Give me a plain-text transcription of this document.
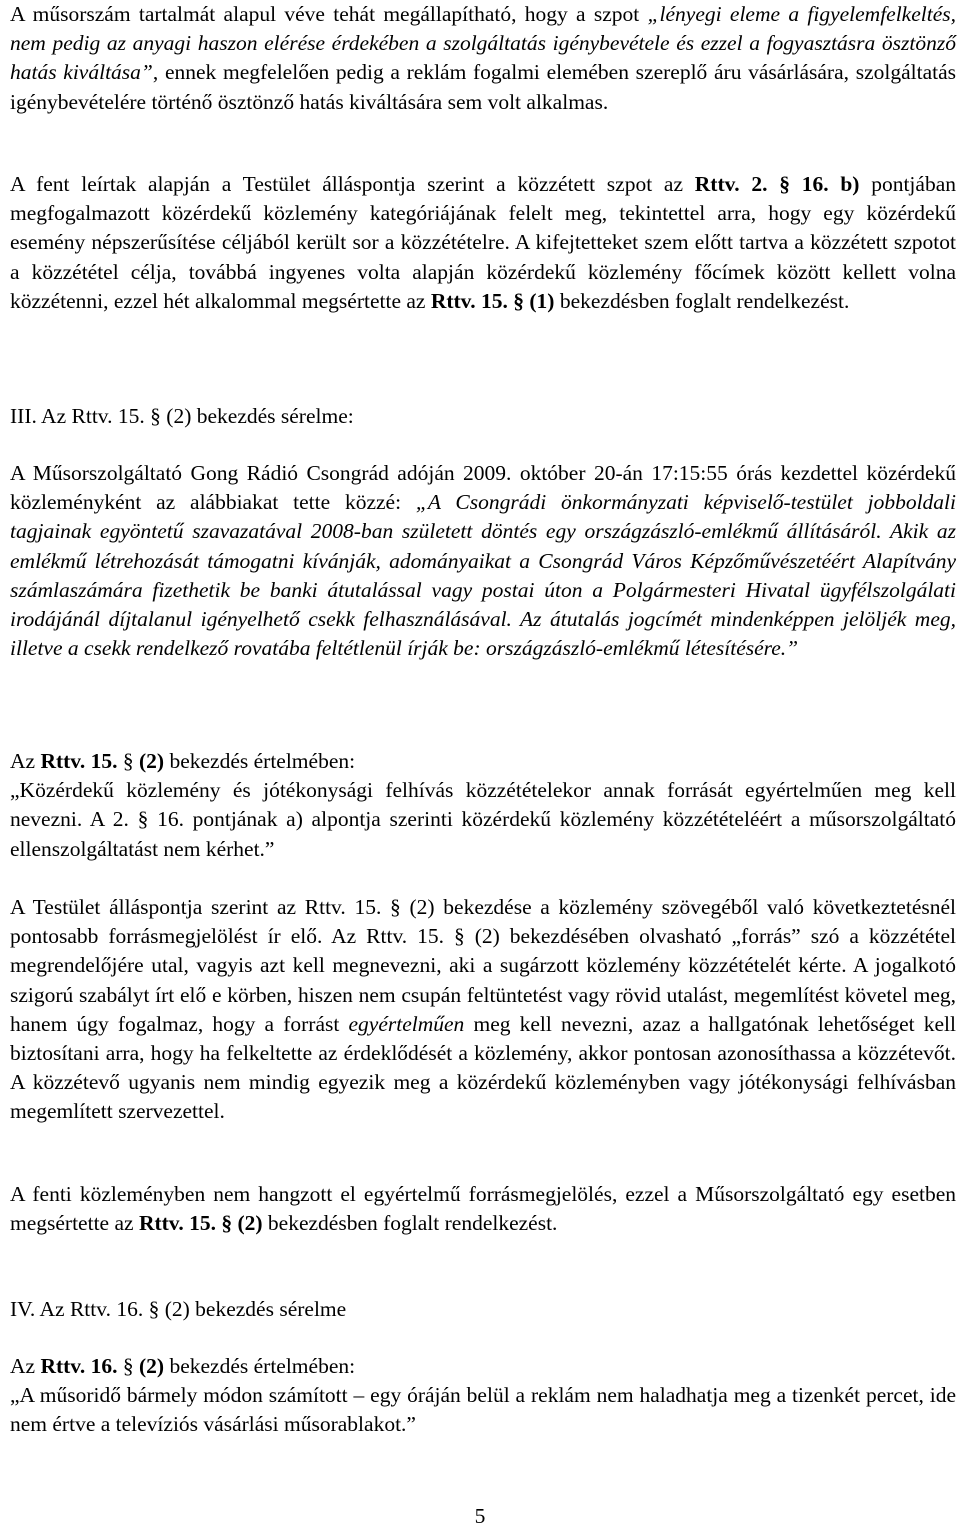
A műsorszám tartalmát alapul véve tehát megállapítható, hogy a szpot „lényegi eleme a figyelemfelkeltés, nem pedig az anyagi haszon elérése érdekében a szolgáltatás igénybevétele és ezzel a fogyasztásra ösztönző hatás kiváltása”, ennek megfelelően pedig a reklám fogalmi elemében szereplő áru vásárlására, szolgáltatás igénybevételére történő ösztönző hatás kiváltására sem volt alkalmas.

A fent leírtak alapján a Testület álláspontja szerint a közzétett szpot az Rttv. 2. § 16. b) pontjában megfogalmazott közérdekű közlemény kategóriájának felelt meg, tekintettel arra, hogy egy közérdekű esemény népszerűsítése céljából került sor a közzétételre. A kifejtetteket szem előtt tartva a közzétett szpotot a közzététel célja, továbbá ingyenes volta alapján közérdekű közlemény főcímek között kellett volna közzétenni, ezzel hét alkalommal megsértette az Rttv. 15. § (1) bekezdésben foglalt rendelkezést.

III. Az Rttv. 15. § (2) bekezdés sérelme:

A Műsorszolgáltató Gong Rádió Csongrád adóján 2009. október 20-án 17:15:55 órás kezdettel közérdekű közleményként az alábbiakat tette közzé: „A Csongrádi önkormányzati képviselő-testület jobboldali tagjainak egyöntetű szavazatával 2008-ban született döntés egy országzászló-emlékmű állításáról. Akik az emlékmű létrehozását támogatni kívánják, adományaikat a Csongrád Város Képzőművészetéért Alapítvány számlaszámára fizethetik be banki átutalással vagy postai úton a Polgármesteri Hivatal ügyfélszolgálati irodájánál díjtalanul igényelhető csekk felhasználásával. Az átutalás jogcímét mindenképpen jelöljék meg, illetve a csekk rendelkező rovatába feltétlenül írják be: országzászló-emlékmű létesítésére.”

Az Rttv. 15. § (2) bekezdés értelmében:

„Közérdekű közlemény és jótékonysági felhívás közzétételekor annak forrását egyértelműen meg kell nevezni. A 2. § 16. pontjának a) alpontja szerinti közérdekű közlemény közzétételéért a műsorszolgáltató ellenszolgáltatást nem kérhet.”

A Testület álláspontja szerint az Rttv. 15. § (2) bekezdése a közlemény szövegéből való következtetésnél pontosabb forrásmegjelölést ír elő. Az Rttv. 15. § (2) bekezdésében olvasható „forrás” szó a közzététel megrendelőjére utal, vagyis azt kell megnevezni, aki a sugárzott közlemény közzétételét kérte. A jogalkotó szigorú szabályt írt elő e körben, hiszen nem csupán feltüntetést vagy rövid utalást, megemlítést követel meg, hanem úgy fogalmaz, hogy a forrást egyértelműen meg kell nevezni, azaz a hallgatónak lehetőséget kell biztosítani arra, hogy ha felkeltette az érdeklődését a közlemény, akkor pontosan azonosíthassa a közzétevőt. A közzétevő ugyanis nem mindig egyezik meg a közérdekű közleményben vagy jótékonysági felhívásban megemlített szervezettel.

A fenti közleményben nem hangzott el egyértelmű forrásmegjelölés, ezzel a Műsorszolgáltató egy esetben megsértette az Rttv. 15. § (2) bekezdésben foglalt rendelkezést.

IV. Az Rttv. 16. § (2) bekezdés sérelme

Az Rttv. 16. § (2) bekezdés értelmében:

„A műsoridő bármely módon számított – egy óráján belül a reklám nem haladhatja meg a tizenkét percet, ide nem értve a televíziós vásárlási műsorablakot.”

5
